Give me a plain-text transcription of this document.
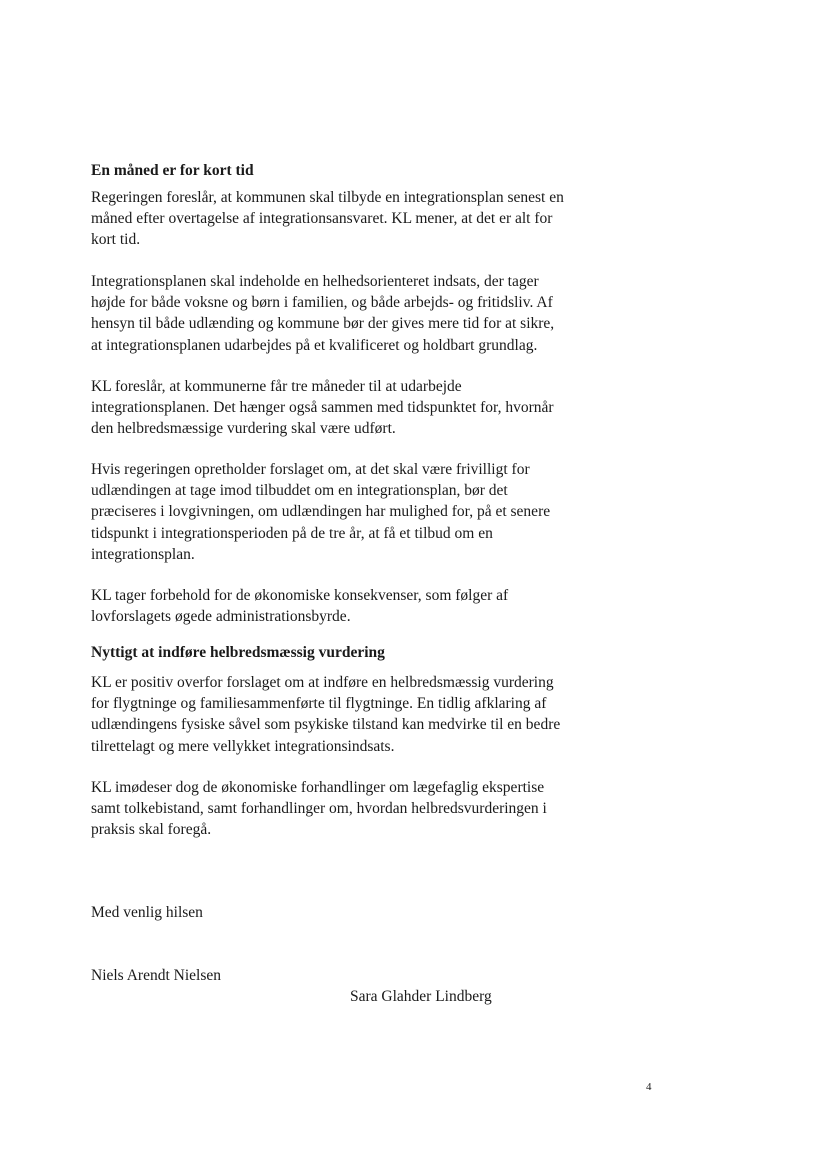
En måned er for kort tid

Regeringen foreslår, at kommunen skal tilbyde en integrationsplan senest en
måned efter overtagelse af integrationsansvaret. KL mener, at det er alt for
kort tid.

Integrationsplanen skal indeholde en helhedsorienteret indsats, der tager
højde for både voksne og børn i familien, og både arbejds- og fritidsliv. Af
hensyn til både udlænding og kommune bør der gives mere tid for at sikre,
at integrationsplanen udarbejdes på et kvalificeret og holdbart grundlag.

KL foreslår, at kommunerne får tre måneder til at udarbejde
integrationsplanen. Det hænger også sammen med tidspunktet for, hvornår
den helbredsmæssige vurdering skal være udført.

Hvis regeringen opretholder forslaget om, at det skal være frivilligt for
udlændingen at tage imod tilbuddet om en integrationsplan, bør det
præciseres i lovgivningen, om udlændingen har mulighed for, på et senere
tidspunkt i integrationsperioden på de tre år, at få et tilbud om en
integrationsplan.

KL tager forbehold for de økonomiske konsekvenser, som følger af
lovforslagets øgede administrationsbyrde.

Nyttigt at indføre helbredsmæssig vurdering

KL er positiv overfor forslaget om at indføre en helbredsmæssig vurdering
for flygtninge og familiesammenførte til flygtninge. En tidlig afklaring af
udlændingens fysiske såvel som psykiske tilstand kan medvirke til en bedre
tilrettelagt og mere vellykket integrationsindsats.

KL imødeser dog de økonomiske forhandlinger om lægefaglig ekspertise
samt tolkebistand, samt forhandlinger om, hvordan helbredsvurderingen i
praksis skal foregå.

Med venlig hilsen

Niels Arendt Nielsen

Sara Glahder Lindberg

4
